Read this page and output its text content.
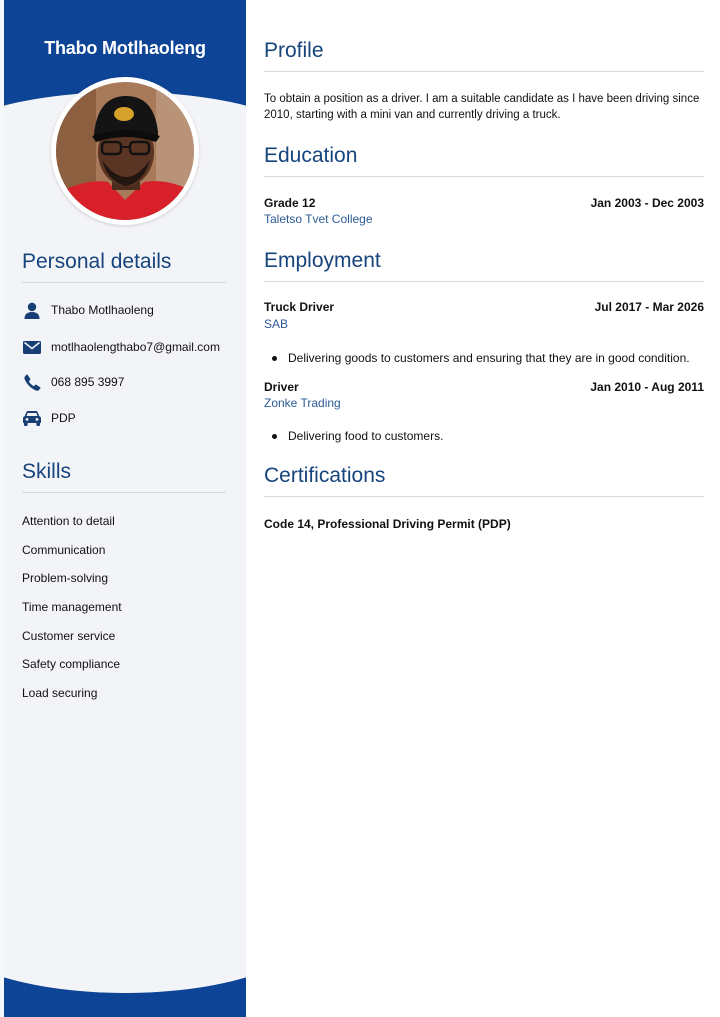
Thabo Motlhaoleng
Personal details
Thabo Motlhaoleng
motlhaolengthabo7@gmail.com
068 895 3997
PDP
Skills
Attention to detail
Communication
Problem-solving
Time management
Customer service
Safety compliance
Load securing
Profile
To obtain a position as a driver. I am a suitable candidate as I have been driving since 2010, starting with a mini van and currently driving a truck.
Education
Grade 12	Jan 2003 - Dec 2003
Taletso Tvet College
Employment
Truck Driver	Jul 2017 - Mar 2026
SAB
Delivering goods to customers and ensuring that they are in good condition.
Driver	Jan 2010 - Aug 2011
Zonke Trading
Delivering food to customers.
Certifications
Code 14, Professional Driving Permit (PDP)
